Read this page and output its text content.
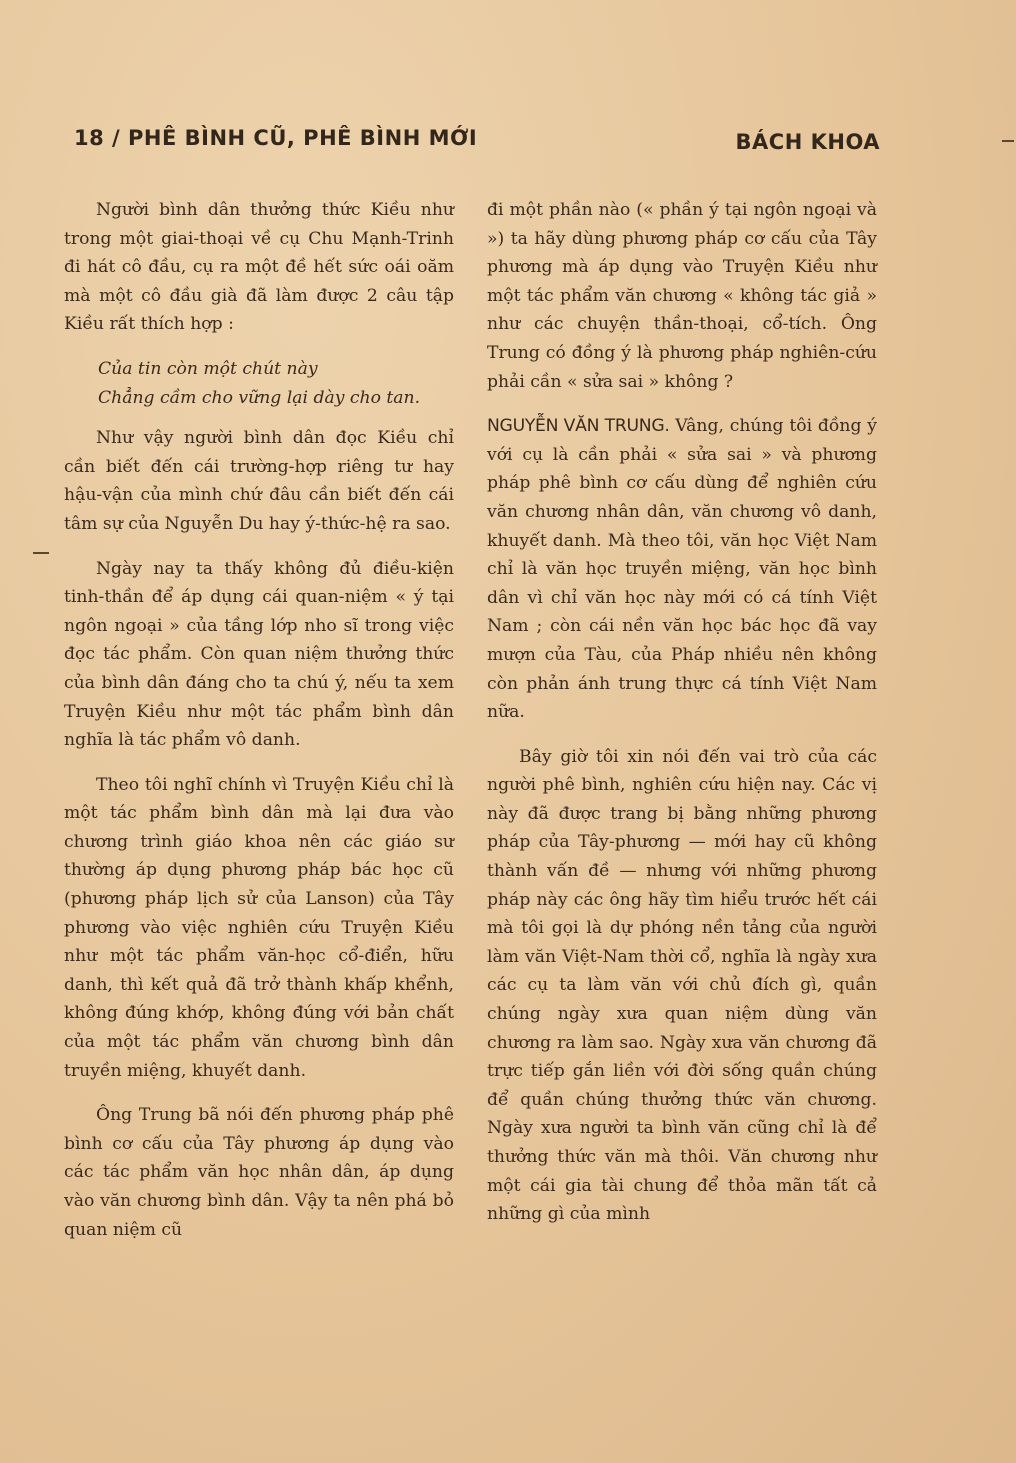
18 / PHÊ BÌNH CŨ, PHÊ BÌNH MỚI	BÁCH KHOA

Người bình dân thưởng thức Kiều như trong một giai-thoại về cụ Chu Mạnh-Trinh đi hát cô đầu, cụ ra một đề hết sức oái oăm mà một cô đầu già đã làm được 2 câu tập Kiều rất thích hợp :

Của tin còn một chút này
Chẳng cầm cho vững lại dày cho tan.

Như vậy người bình dân đọc Kiều chỉ cần biết đến cái trường-hợp riêng tư hay hậu-vận của mình chứ đâu cần biết đến cái tâm sự của Nguyễn Du hay ý-thức-hệ ra sao.

Ngày nay ta thấy không đủ điều-kiện tinh-thần để áp dụng cái quan-niệm « ý tại ngôn ngoại » của tầng lớp nho sĩ trong việc đọc tác phẩm. Còn quan niệm thưởng thức của bình dân đáng cho ta chú ý, nếu ta xem Truyện Kiều như một tác phẩm bình dân nghĩa là tác phẩm vô danh.

Theo tôi nghĩ chính vì Truyện Kiều chỉ là một tác phẩm bình dân mà lại đưa vào chương trình giáo khoa nên các giáo sư thường áp dụng phương pháp bác học cũ (phương pháp lịch sử của Lanson) của Tây phương vào việc nghiên cứu Truyện Kiều như một tác phẩm văn-học cổ-điển, hữu danh, thì kết quả đã trở thành khấp khểnh, không đúng khớp, không đúng với bản chất của một tác phẩm văn chương bình dân truyền miệng, khuyết danh.

Ông Trung bã nói đến phương pháp phê bình cơ cấu của Tây phương áp dụng vào các tác phẩm văn học nhân dân, áp dụng vào văn chương bình dân. Vậy ta nên phá bỏ quan niệm cũ

đi một phần nào (« phần ý tại ngôn ngoại và ») ta hãy dùng phương pháp cơ cấu của Tây phương mà áp dụng vào Truyện Kiều như một tác phẩm văn chương « không tác giả » như các chuyện thần-thoại, cổ-tích. Ông Trung có đồng ý là phương pháp nghiên-cứu phải cần « sửa sai » không ?

NGUYỄN VĂN TRUNG. Vâng, chúng tôi đồng ý với cụ là cần phải « sửa sai » và phương pháp phê bình cơ cấu dùng để nghiên cứu văn chương nhân dân, văn chương vô danh, khuyết danh. Mà theo tôi, văn học Việt Nam chỉ là văn học truyền miệng, văn học bình dân vì chỉ văn học này mới có cá tính Việt Nam ; còn cái nền văn học bác học đã vay mượn của Tàu, của Pháp nhiều nên không còn phản ánh trung thực cá tính Việt Nam nữa.

Bây giờ tôi xin nói đến vai trò của các người phê bình, nghiên cứu hiện nay. Các vị này đã được trang bị bằng những phương pháp của Tây-phương — mới hay cũ không thành vấn đề — nhưng với những phương pháp này các ông hãy tìm hiểu trước hết cái mà tôi gọi là dự phóng nền tảng của người làm văn Việt-Nam thời cổ, nghĩa là ngày xưa các cụ ta làm văn với chủ đích gì, quần chúng ngày xưa quan niệm dùng văn chương ra làm sao. Ngày xưa văn chương đã trực tiếp gắn liền với đời sống quần chúng để quần chúng thưởng thức văn chương. Ngày xưa người ta bình văn cũng chỉ là để thưởng thức văn mà thôi. Văn chương như một cái gia tài chung để thỏa mãn tất cả những gì của mình
